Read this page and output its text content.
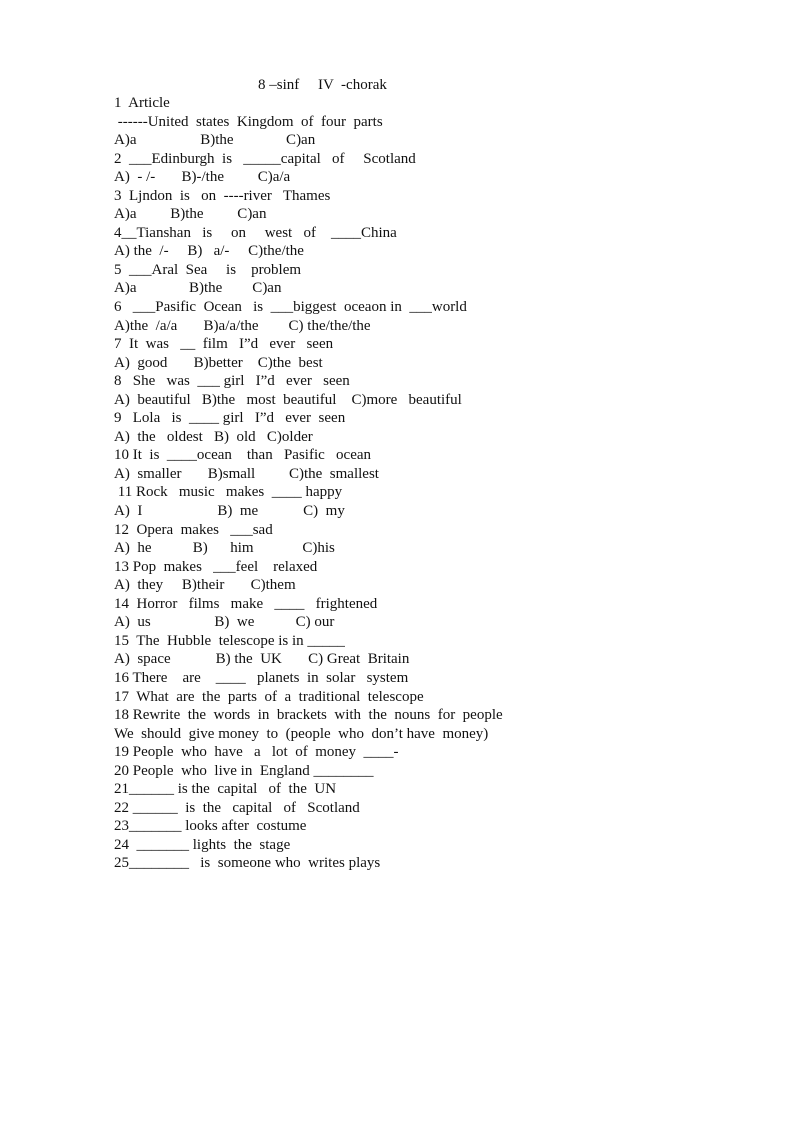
8 –sinf     IV  -chorak
1  Article
------United  states  Kingdom  of  four  parts
A)a                 B)the              C)an
2  ___Edinburgh  is   _____capital   of     Scotland
A)  - /-       B)-/the         C)a/a
3  Ljndon  is   on  ----river   Thames
A)a         B)the         C)an
4__Tianshan   is     on     west   of    ____China
A) the  /-     B)   a/-     C)the/the
5  ___Aral  Sea     is    problem
A)a              B)the        C)an
6   ___Pasific  Ocean   is  ___biggest  oceaon in  ___world
A)the  /a/a       B)a/a/the        C) the/the/the
7  It  was   __  film   I”d   ever   seen
A)  good       B)better    C)the  best
8   She   was  ___ girl   I”d   ever   seen
A)  beautiful   B)the   most  beautiful    C)more   beautiful
9   Lola   is  ____ girl   I”d   ever  seen
A)  the   oldest   B)  old   C)older
10 It  is  ____ocean    than   Pasific   ocean
A)  smaller       B)small         C)the  smallest
11 Rock   music   makes  ____ happy
A)  I                    B)  me            C)  my
12  Opera  makes   ___sad
A)  he           B)      him             C)his
13 Pop  makes   ___feel    relaxed
A)  they     B)their       C)them
14  Horror   films   make   ____   frightened
A)  us                 B)  we           C) our
15  The  Hubble  telescope is in _____
A)  space            B) the  UK       C) Great  Britain
16 There    are    ____   planets  in  solar   system
17  What  are  the  parts  of  a  traditional  telescope
18 Rewrite  the  words  in  brackets  with  the  nouns  for  people
We  should  give money  to  (people  who  don’t have  money)
19 People  who  have   a   lot  of  money  ____-
20 People  who  live in  England ________
21______ is the  capital   of  the  UN
22 ______  is  the   capital   of   Scotland
23_______ looks after  costume
24  _______ lights  the  stage
25________   is  someone who  writes plays
